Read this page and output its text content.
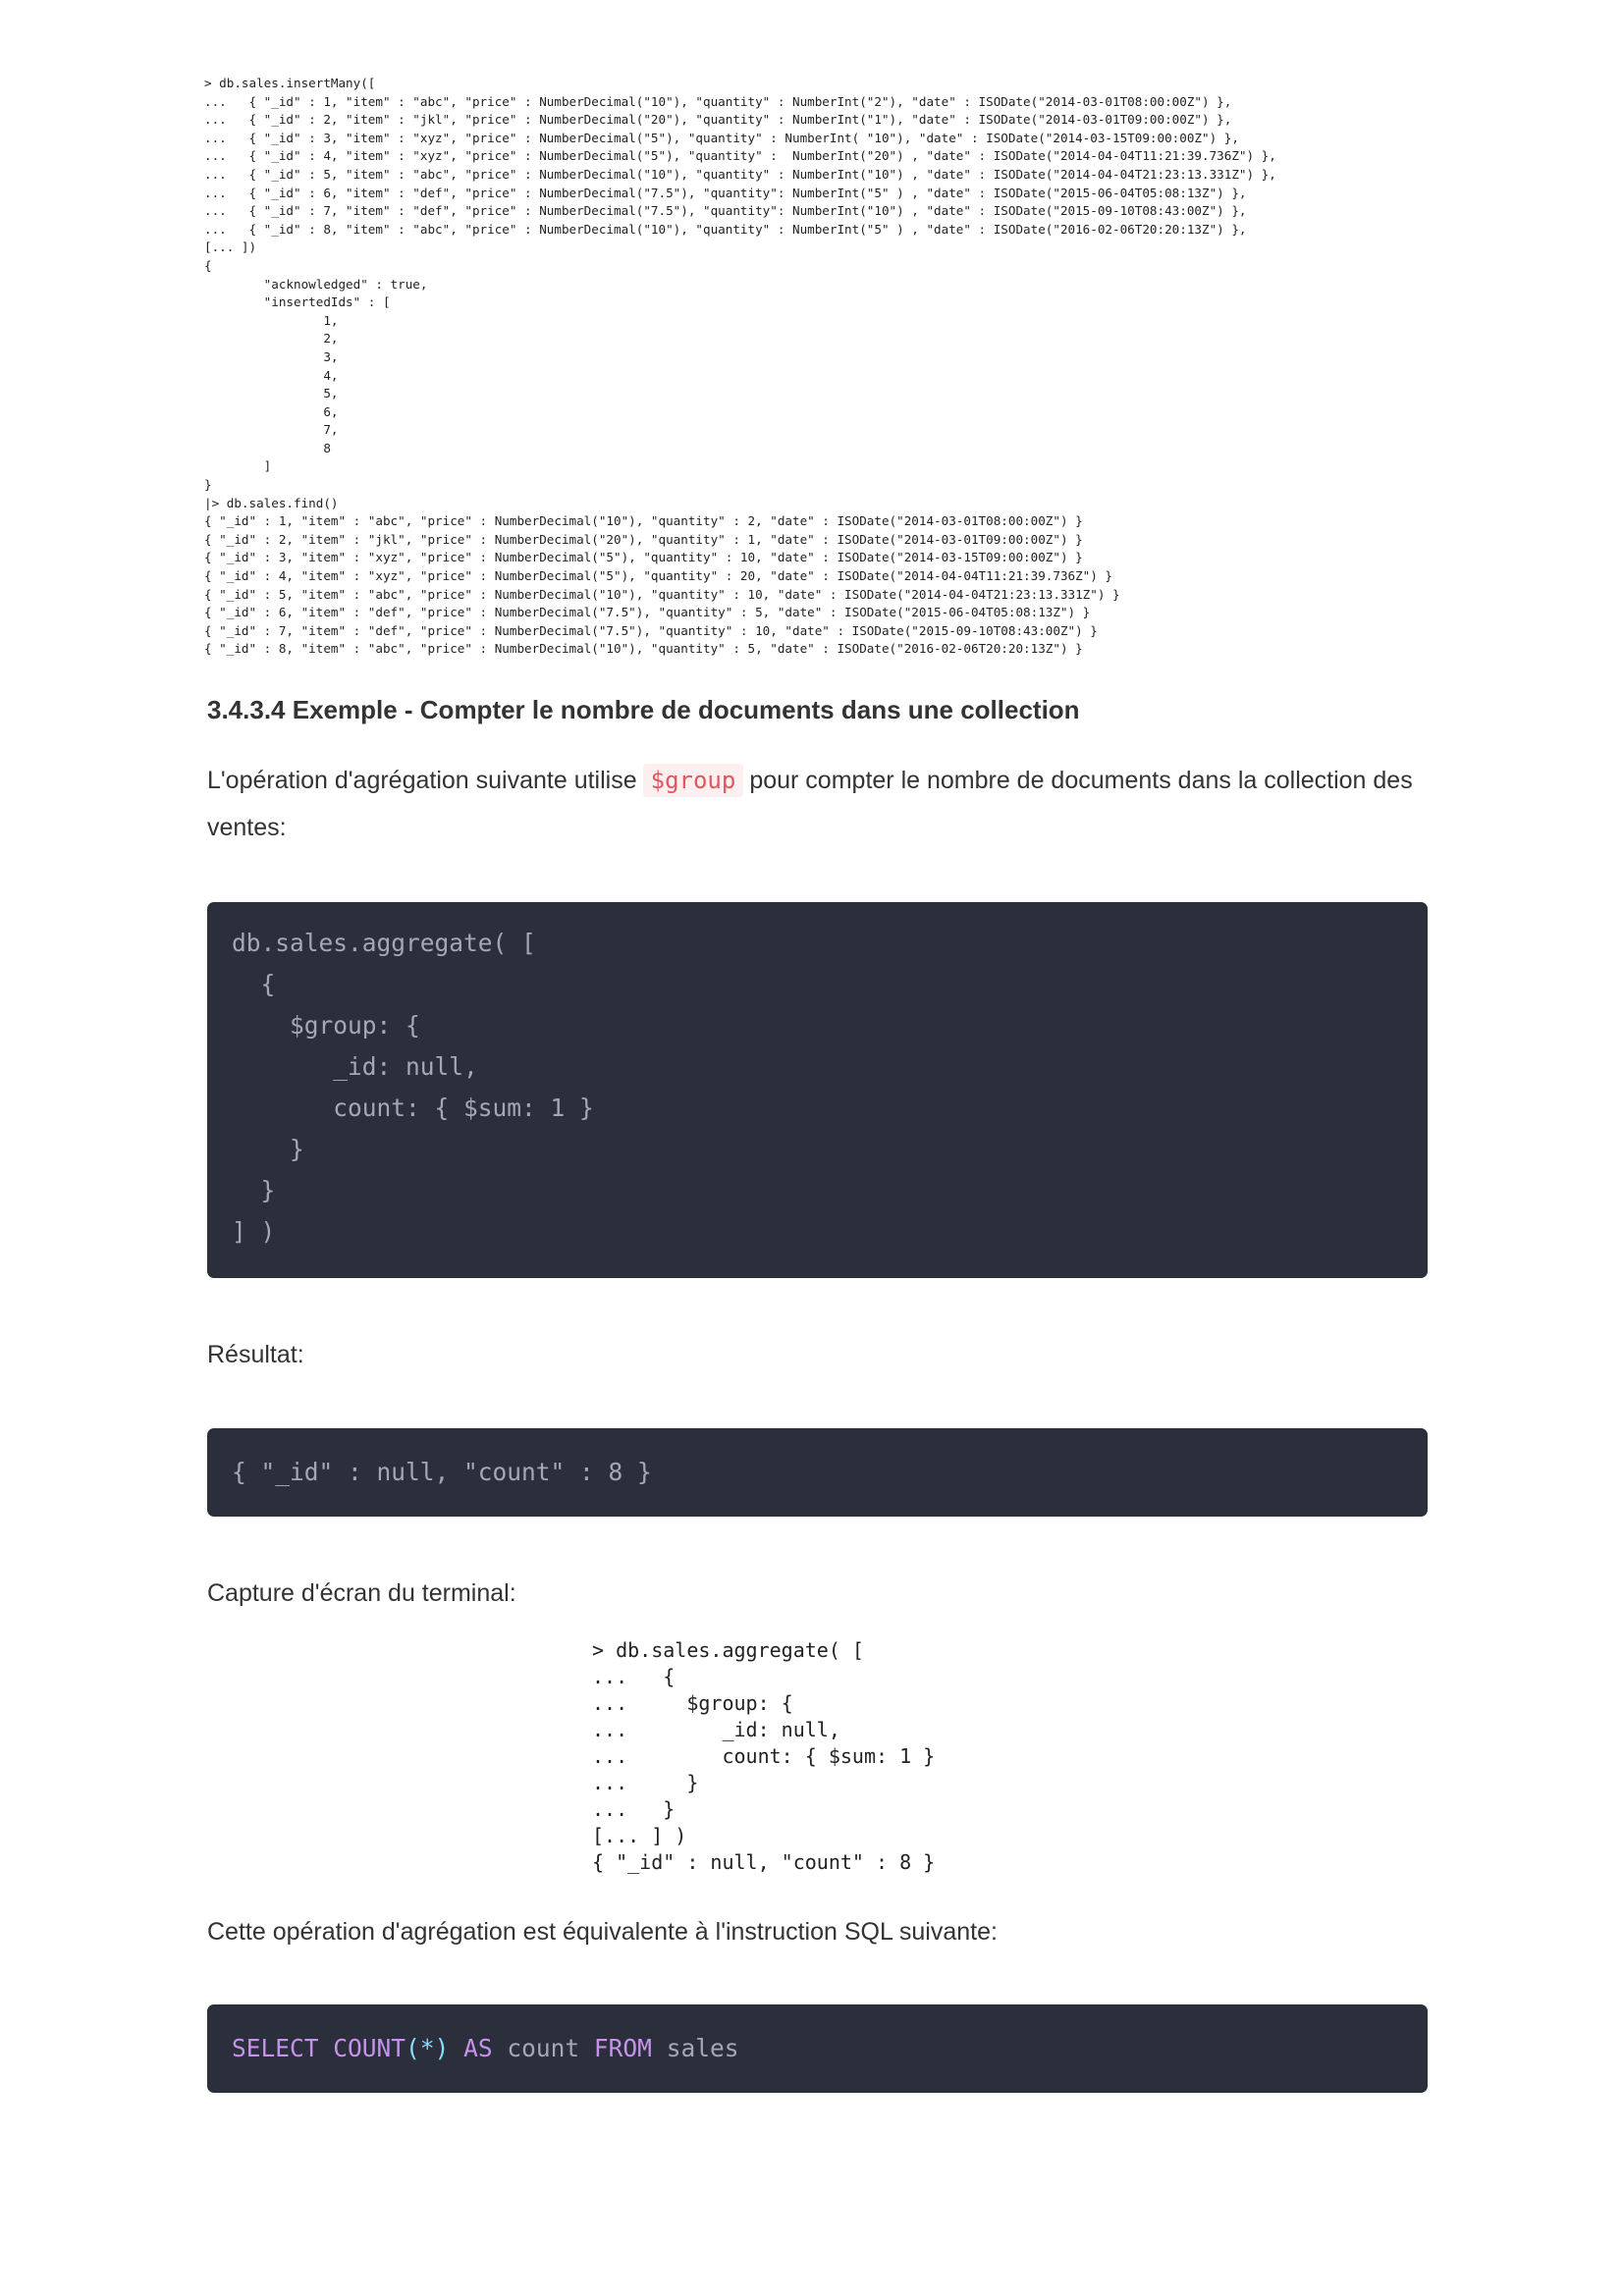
> db.sales.insertMany([
...   { "_id" : 1, "item" : "abc", "price" : NumberDecimal("10"), "quantity" : NumberInt("2"), "date" : ISODate("2014-03-01T08:00:00Z") },
...   { "_id" : 2, "item" : "jkl", "price" : NumberDecimal("20"), "quantity" : NumberInt("1"), "date" : ISODate("2014-03-01T09:00:00Z") },
...   { "_id" : 3, "item" : "xyz", "price" : NumberDecimal("5"), "quantity" : NumberInt( "10"), "date" : ISODate("2014-03-15T09:00:00Z") },
...   { "_id" : 4, "item" : "xyz", "price" : NumberDecimal("5"), "quantity" :  NumberInt("20") , "date" : ISODate("2014-04-04T11:21:39.736Z") },
...   { "_id" : 5, "item" : "abc", "price" : NumberDecimal("10"), "quantity" : NumberInt("10") , "date" : ISODate("2014-04-04T21:23:13.331Z") },
...   { "_id" : 6, "item" : "def", "price" : NumberDecimal("7.5"), "quantity": NumberInt("5" ) , "date" : ISODate("2015-06-04T05:08:13Z") },
...   { "_id" : 7, "item" : "def", "price" : NumberDecimal("7.5"), "quantity": NumberInt("10") , "date" : ISODate("2015-09-10T08:43:00Z") },
...   { "_id" : 8, "item" : "abc", "price" : NumberDecimal("10"), "quantity" : NumberInt("5" ) , "date" : ISODate("2016-02-06T20:20:13Z") },
[... ])
{
"acknowledged" : true,
"insertedIds" : [
1,
2,
3,
4,
5,
6,
7,
8
]
}
|> db.sales.find()
{ "_id" : 1, "item" : "abc", "price" : NumberDecimal("10"), "quantity" : 2, "date" : ISODate("2014-03-01T08:00:00Z") }
{ "_id" : 2, "item" : "jkl", "price" : NumberDecimal("20"), "quantity" : 1, "date" : ISODate("2014-03-01T09:00:00Z") }
{ "_id" : 3, "item" : "xyz", "price" : NumberDecimal("5"), "quantity" : 10, "date" : ISODate("2014-03-15T09:00:00Z") }
{ "_id" : 4, "item" : "xyz", "price" : NumberDecimal("5"), "quantity" : 20, "date" : ISODate("2014-04-04T11:21:39.736Z") }
{ "_id" : 5, "item" : "abc", "price" : NumberDecimal("10"), "quantity" : 10, "date" : ISODate("2014-04-04T21:23:13.331Z") }
{ "_id" : 6, "item" : "def", "price" : NumberDecimal("7.5"), "quantity" : 5, "date" : ISODate("2015-06-04T05:08:13Z") }
{ "_id" : 7, "item" : "def", "price" : NumberDecimal("7.5"), "quantity" : 10, "date" : ISODate("2015-09-10T08:43:00Z") }
{ "_id" : 8, "item" : "abc", "price" : NumberDecimal("10"), "quantity" : 5, "date" : ISODate("2016-02-06T20:20:13Z") }
3.4.3.4 Exemple - Compter le nombre de documents dans une collection

L'opération d'agrégation suivante utilise $group pour compter le nombre de documents dans la collection des ventes:

db.sales.aggregate( [
{
$group: {
_id: null,
count: { $sum: 1 }
}
}
] )

Résultat:

{ "_id" : null, "count" : 8 }

Capture d'écran du terminal:

> db.sales.aggregate( [
...   {
...     $group: {
...        _id: null,
...        count: { $sum: 1 }
...     }
...   }
[... ] )
{ "_id" : null, "count" : 8 }

Cette opération d'agrégation est équivalente à l'instruction SQL suivante:

SELECT COUNT(*) AS count FROM sales
